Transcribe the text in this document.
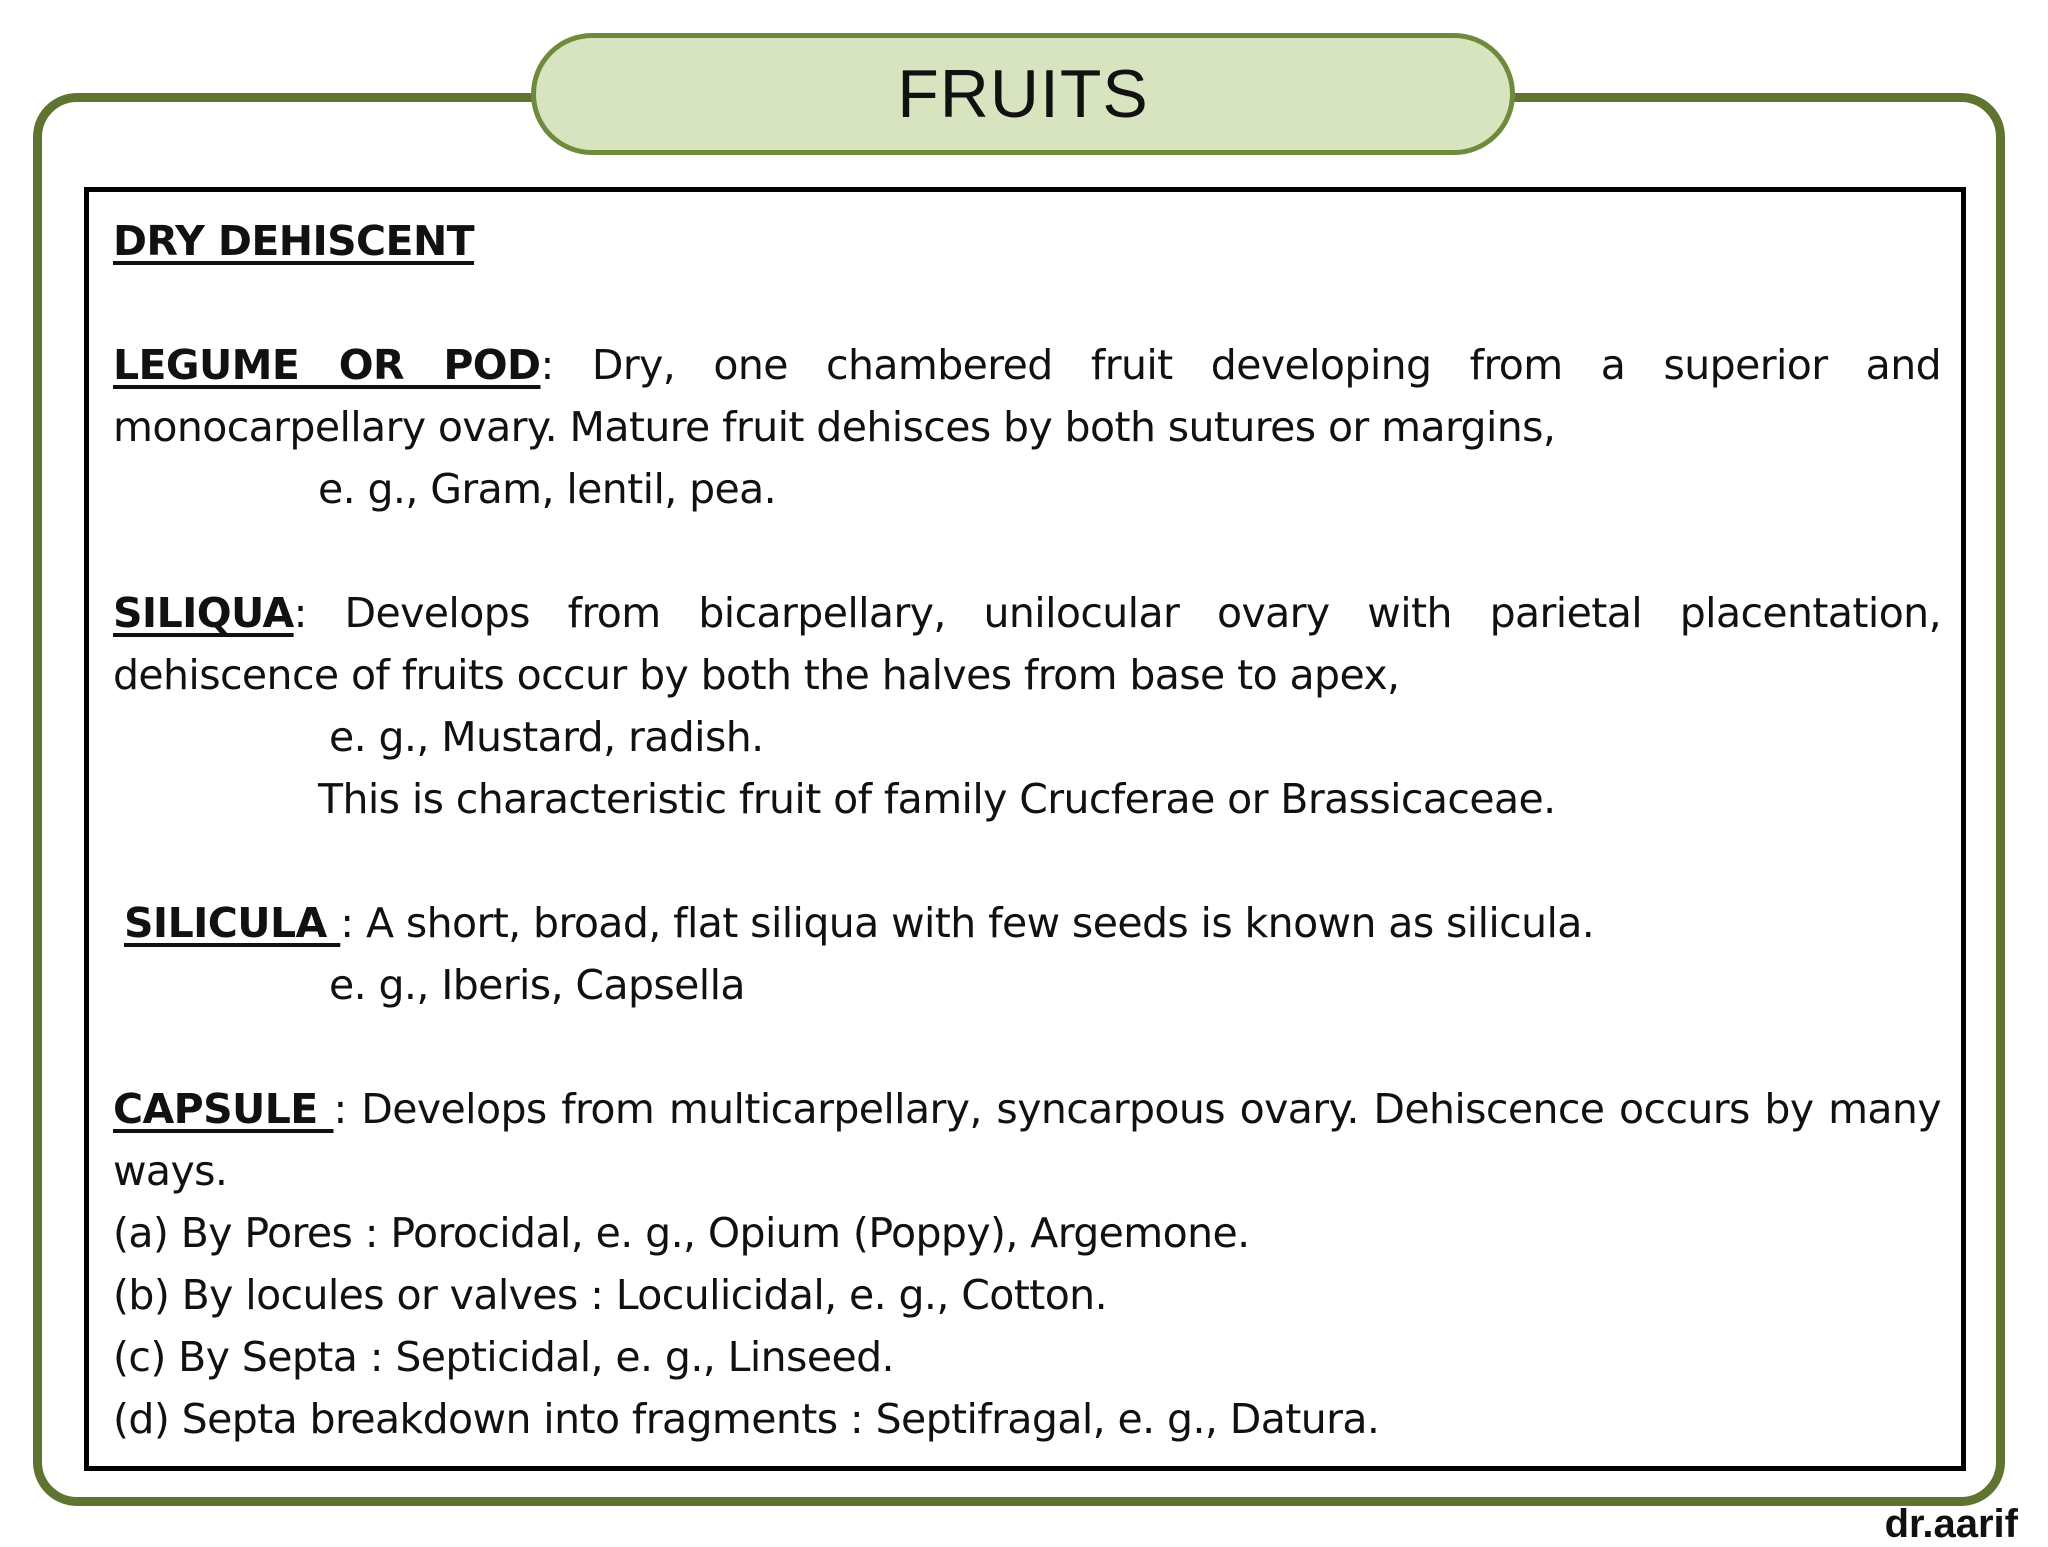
FRUITS

DRY DEHISCENT

LEGUME OR POD: Dry, one chambered fruit developing from a superior and monocarpellary ovary. Mature fruit dehisces by both sutures or margins,

e. g., Gram, lentil, pea.

SILIQUA: Develops from bicarpellary, unilocular ovary with parietal placentation, dehiscence of fruits occur by both the halves from base to apex,

e. g., Mustard, radish.

This is characteristic fruit of family Crucferae or Brassicaceae.

SILICULA : A short, broad, flat siliqua with few seeds is known as silicula.

e. g., Iberis, Capsella

CAPSULE : Develops from multicarpellary, syncarpous ovary. Dehiscence occurs by many ways.

(a) By Pores : Porocidal, e. g., Opium (Poppy), Argemone.

(b) By locules or valves : Loculicidal, e. g., Cotton.

(c) By Septa : Septicidal, e. g., Linseed.

(d) Septa breakdown into fragments : Septifragal, e. g., Datura.

dr.aarif
